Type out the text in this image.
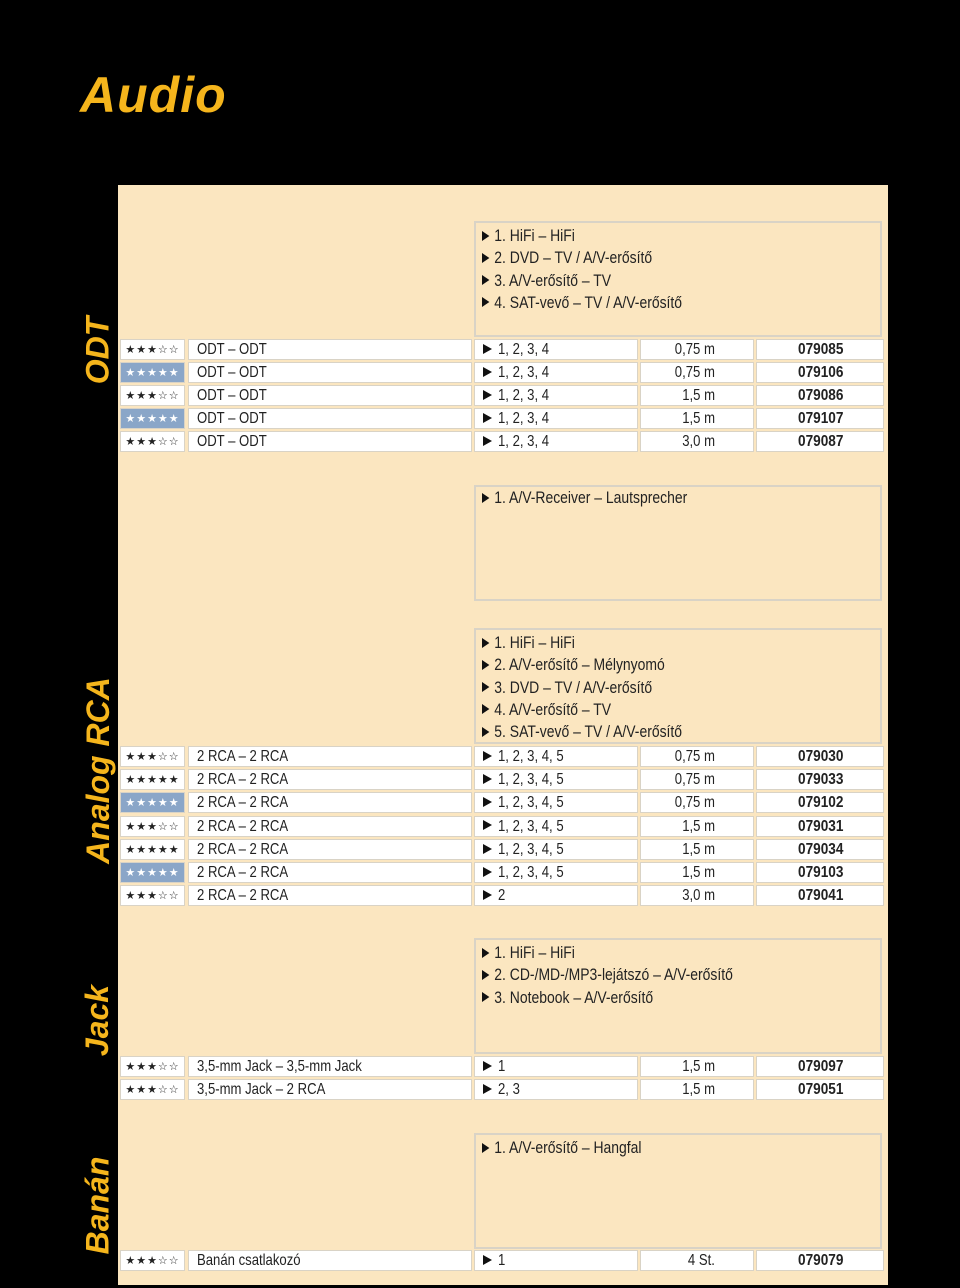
Audio
ODT
Analog RCA
Jack
Banán
1. HiFi – HiFi
2. DVD – TV / A/V-erősítő
3. A/V-erősítő – TV
4. SAT-vevő – TV / A/V-erősítő
1. A/V-Receiver – Lautsprecher
1. HiFi – HiFi
2. A/V-erősítő – Mélynyomó
3. DVD – TV / A/V-erősítő
4. A/V-erősítő – TV
5. SAT-vevő – TV / A/V-erősítő
1. HiFi – HiFi
2. CD-/MD-/MP3-lejátszó – A/V-erősítő
3. Notebook – A/V-erősítő
1. A/V-erősítő – Hangfal
★★★☆☆	ODT – ODT	1, 2, 3, 4	0,75 m	079085
★★★★★	ODT – ODT	1, 2, 3, 4	0,75 m	079106
★★★☆☆	ODT – ODT	1, 2, 3, 4	1,5 m	079086
★★★★★	ODT – ODT	1, 2, 3, 4	1,5 m	079107
★★★☆☆	ODT – ODT	1, 2, 3, 4	3,0 m	079087
★★★☆☆	2 RCA – 2 RCA	1, 2, 3, 4, 5	0,75 m	079030
★★★★★	2 RCA – 2 RCA	1, 2, 3, 4, 5	0,75 m	079033
★★★★★	2 RCA – 2 RCA	1, 2, 3, 4, 5	0,75 m	079102
★★★☆☆	2 RCA – 2 RCA	1, 2, 3, 4, 5	1,5 m	079031
★★★★★	2 RCA – 2 RCA	1, 2, 3, 4, 5	1,5 m	079034
★★★★★	2 RCA – 2 RCA	1, 2, 3, 4, 5	1,5 m	079103
★★★☆☆	2 RCA – 2 RCA	2	3,0 m	079041
★★★☆☆	3,5-mm Jack – 3,5-mm Jack	1	1,5 m	079097
★★★☆☆	3,5-mm Jack – 2 RCA	2, 3	1,5 m	079051
★★★☆☆	Banán csatlakozó	1	4 St.	079079
